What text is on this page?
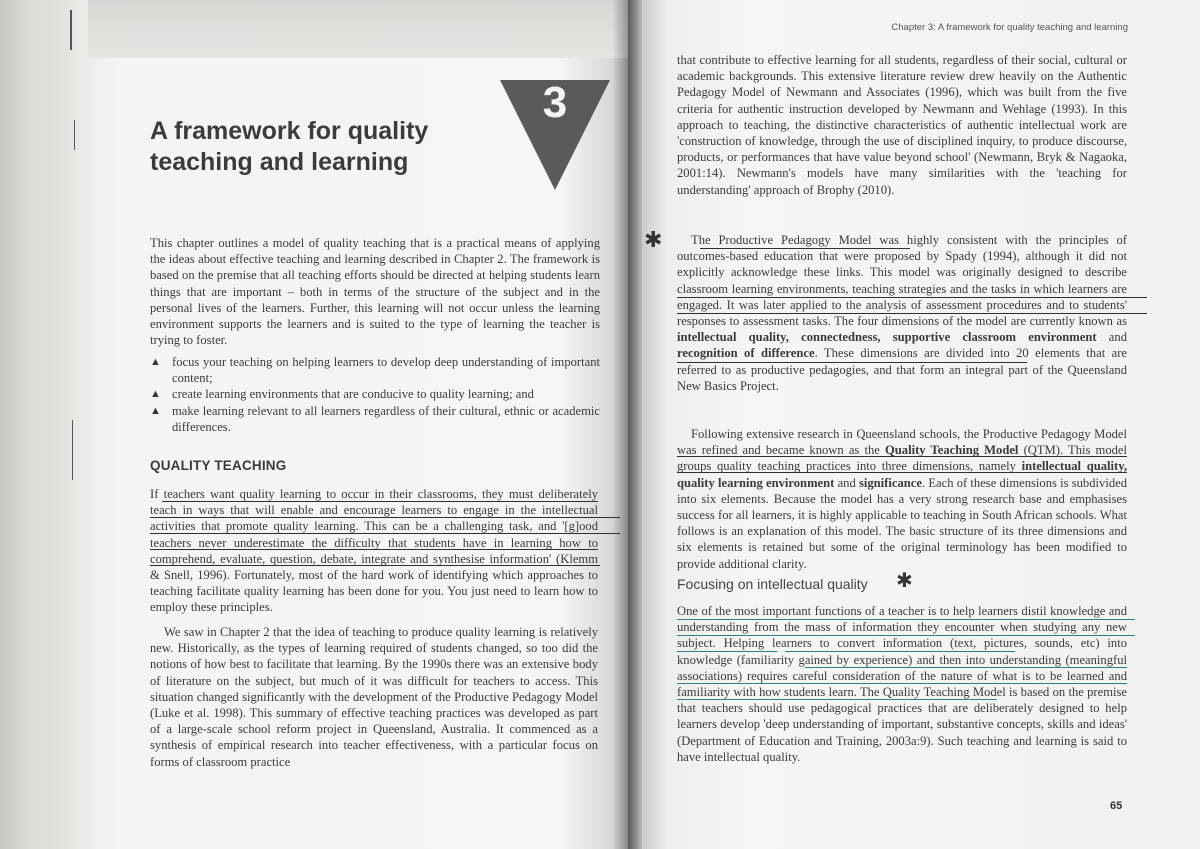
3
A framework for quality
teaching and learning

This chapter outlines a model of quality teaching that is a practical means of applying the ideas about effective teaching and learning described in Chapter 2. The framework is based on the premise that all teaching efforts should be directed at helping students learn things that are important – both in terms of the structure of the subject and in the personal lives of the learners. Further, this learning will not occur unless the learning environment supports the learners and is suited to the type of learning the teacher is trying to foster.

▲ focus your teaching on helping learners to develop deep understanding of important content;
▲ create learning environments that are conducive to quality learning; and
▲ make learning relevant to all learners regardless of their cultural, ethnic or academic differences.
QUALITY TEACHING

If teachers want quality learning to occur in their classrooms, they must deliberately teach in ways that will enable and encourage learners to engage in the intellectual activities that promote quality learning. This can be a challenging task, and '[g]ood teachers never underestimate the difficulty that students have in learning how to comprehend, evaluate, question, debate, integrate and synthesise information' (Klemm & Snell, 1996). Fortunately, most of the hard work of identifying which approaches to teaching facilitate quality learning has been done for you. You just need to learn how to employ these principles.

We saw in Chapter 2 that the idea of teaching to produce quality learning is relatively new. Historically, as the types of learning required of students changed, so too did the notions of how best to facilitate that learning. By the 1990s there was an extensive body of literature on the subject, but much of it was difficult for teachers to access. This situation changed significantly with the development of the Productive Pedagogy Model (Luke et al. 1998). This summary of effective teaching practices was developed as part of a large-scale school reform project in Queensland, Australia. It commenced as a synthesis of empirical research into teacher effectiveness, with a particular focus on forms of classroom practice

Chapter 3: A framework for quality teaching and learning

that contribute to effective learning for all students, regardless of their social, cultural or academic backgrounds. This extensive literature review drew heavily on the Authentic Pedagogy Model of Newmann and Associates (1996), which was built from the five criteria for authentic instruction developed by Newmann and Wehlage (1993). In this approach to teaching, the distinctive characteristics of authentic intellectual work are 'construction of knowledge, through the use of disciplined inquiry, to produce discourse, products, or performances that have value beyond school' (Newmann, Bryk & Nagaoka, 2001:14). Newmann's models have many similarities with the 'teaching for understanding' approach of Brophy (2010).

✱	The Productive Pedagogy Model was highly consistent with the principles of outcomes-based education that were proposed by Spady (1994), although it did not explicitly acknowledge these links. This model was originally designed to describe classroom learning environments, teaching strategies and the tasks in which learners are engaged. It was later applied to the analysis of assessment procedures and to students' responses to assessment tasks. The four dimensions of the model are currently known as intellectual quality, connectedness, supportive classroom environment and recognition of difference. These dimensions are divided into 20 elements that are referred to as productive pedagogies, and that form an integral part of the Queensland New Basics Project.

Following extensive research in Queensland schools, the Productive Pedagogy Model was refined and became known as the Quality Teaching Model (QTM). This model groups quality teaching practices into three dimensions, namely intellectual quality, quality learning environment and significance. Each of these dimensions is subdivided into six elements. Because the model has a very strong research base and emphasises success for all learners, it is highly applicable to teaching in South African schools. What follows is an explanation of this model. The basic structure of its three dimensions and six elements is retained but some of the original terminology has been modified to provide additional clarity.

Focusing on intellectual quality ✱

One of the most important functions of a teacher is to help learners distil knowledge and understanding from the mass of information they encounter when studying any new subject. Helping learners to convert information (text, pictures, sounds, etc) into knowledge (familiarity gained by experience) and then into understanding (meaningful associations) requires careful consideration of the nature of what is to be learned and familiarity with how students learn. The Quality Teaching Model is based on the premise that teachers should use pedagogical practices that are deliberately designed to help learners develop 'deep understanding of important, substantive concepts, skills and ideas' (Department of Education and Training, 2003a:9). Such teaching and learning is said to have intellectual quality.

65
